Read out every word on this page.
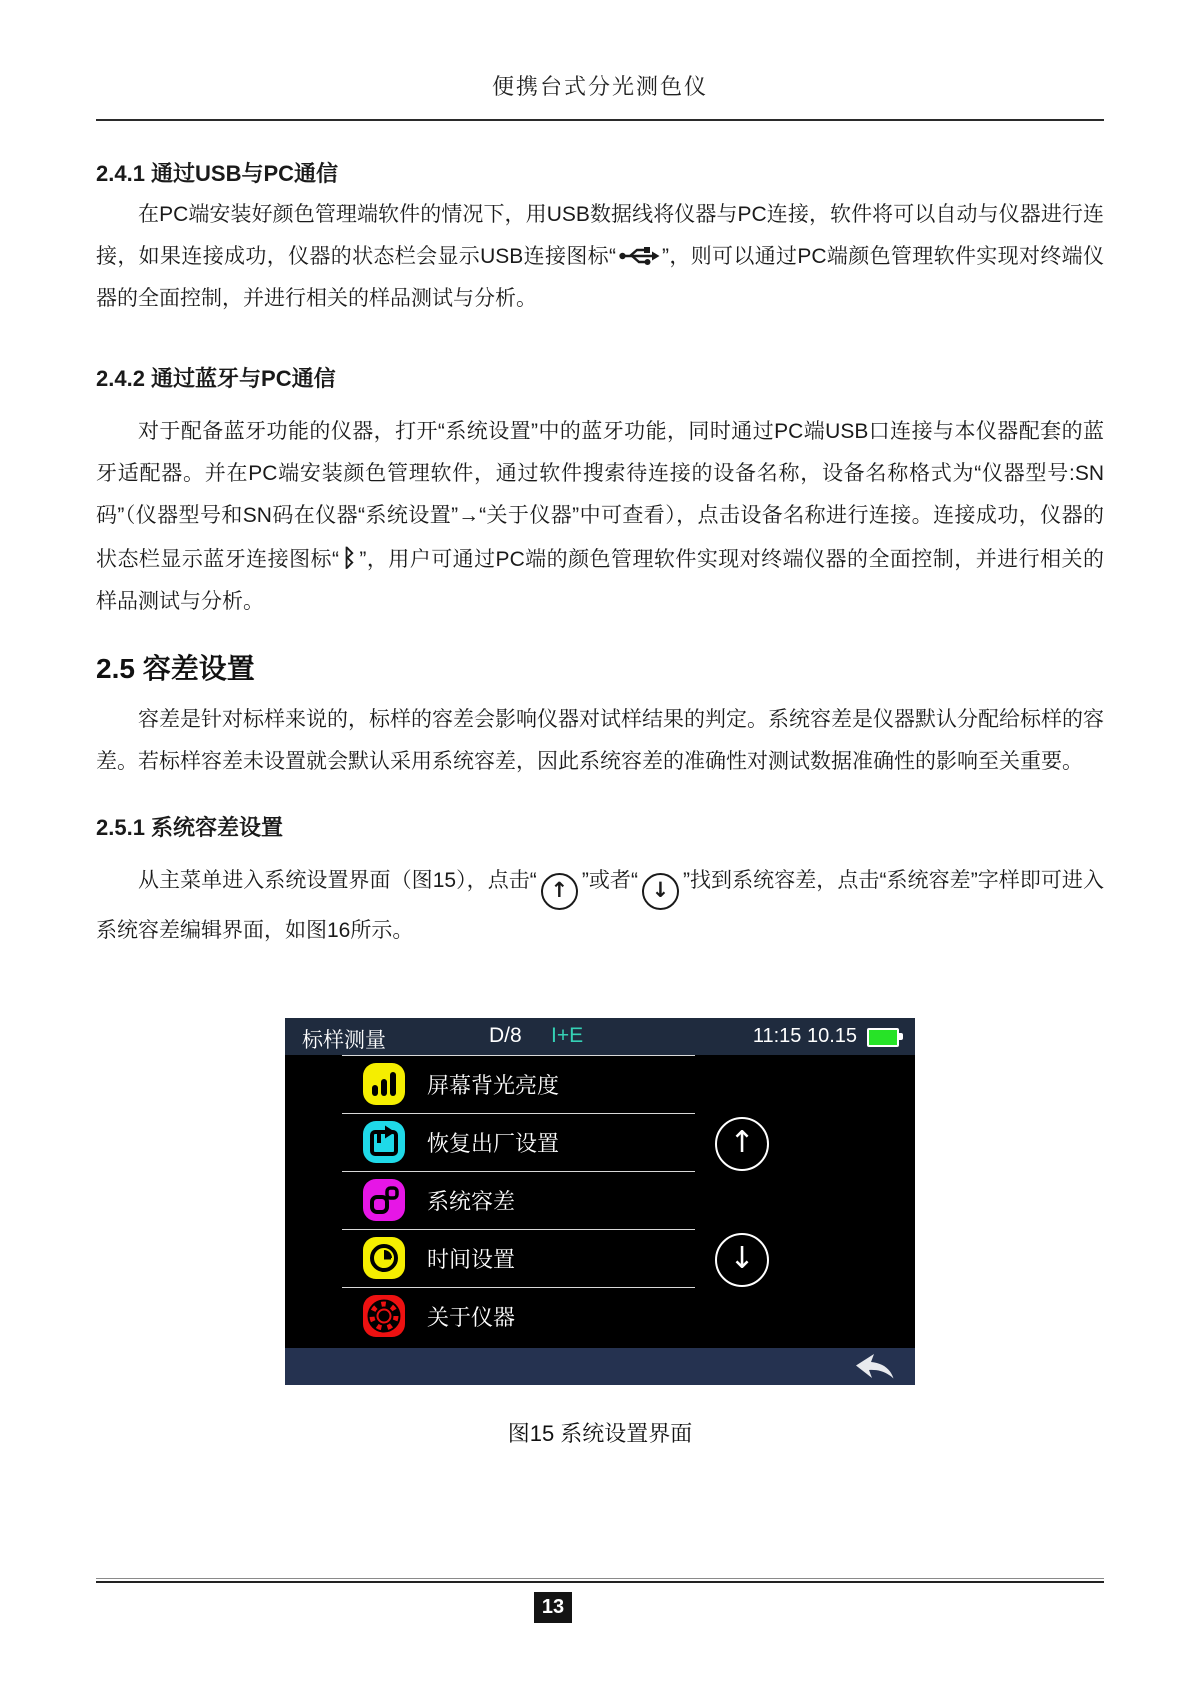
便携台式分光测色仪
2.4.1 通过USB与PC通信

在PC端安装好颜色管理端软件的情况下，用USB数据线将仪器与PC连接，软件将可以自动与仪器进行连接，如果连接成功，仪器的状态栏会显示USB连接图标“ ”，则可以通过PC端颜色管理软件实现对终端仪器的全面控制，并进行相关的样品测试与分析。

2.4.2 通过蓝牙与PC通信

对于配备蓝牙功能的仪器，打开“系统设置”中的蓝牙功能，同时通过PC端USB口连接与本仪器配套的蓝牙适配器。并在PC端安装颜色管理软件，通过软件搜索待连接的设备名称，设备名称格式为“仪器型号:SN码”（仪器型号和SN码在仪器“系统设置”→“关于仪器”中可查看），点击设备名称进行连接。连接成功，仪器的状态栏显示蓝牙连接图标“ ᛒ ”，用户可通过PC端的颜色管理软件实现对终端仪器的全面控制，并进行相关的样品测试与分析。

2.5 容差设置

容差是针对标样来说的，标样的容差会影响仪器对试样结果的判定。系统容差是仪器默认分配给标样的容差。若标样容差未设置就会默认采用系统容差，因此系统容差的准确性对测试数据准确性的影响至关重要。

2.5.1 系统容差设置

从主菜单进入系统设置界面（图15），点击“ ↑ ”或者“ ↓ ”找到系统容差，点击“系统容差”字样即可进入系统容差编辑界面，如图16所示。

标样测量	D/8 I+E	11:15 10.15
屏幕背光亮度
恢复出厂设置
系统容差
时间设置
关于仪器
↑
↓
图15 系统设置界面
13
